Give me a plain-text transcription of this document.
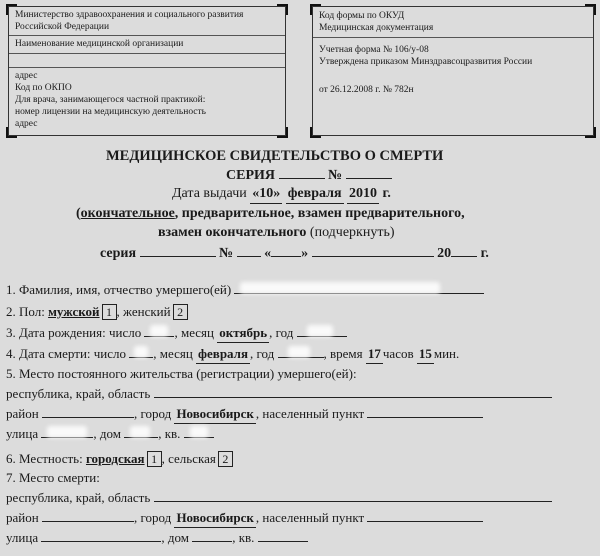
Министерство здравоохранения и социального развития Российской Федерации
Наименование медицинской организации
адрес
Код по ОКПО
Для врача, занимающегося частной практикой:
номер лицензии на медицинскую деятельность
адрес
Код формы по ОКУД
Медицинская документация
Учетная форма № 106/у-08
Утверждена приказом Минздравсоцразвития России
от 26.12.2008 г. № 782н
МЕДИЦИНСКОЕ СВИДЕТЕЛЬСТВО О СМЕРТИ
СЕРИЯ	№
Дата выдачи «10» февраля 2010 г.
(окончательное, предварительное, взамен предварительного,
взамен окончательного (подчеркнуть)
серия	№ « »	20 г.
1. Фамилия, имя, отчество умершего(ей)
2. Пол: мужской 1 , женский 2
3. Дата рождения: число	, месяц октябрь , год
4. Дата смерти: число , месяц февраля , год	, время 17 часов 15 мин.
5. Место постоянного жительства (регистрации) умершего(ей):
республика, край, область
район	, город Новосибирск , населенный пункт
улица	, дом	, кв.
6. Местность: городская 1 , сельская 2
7. Место смерти:
республика, край, область
район	, город Новосибирск , населенный пункт
улица	, дом	, кв.
